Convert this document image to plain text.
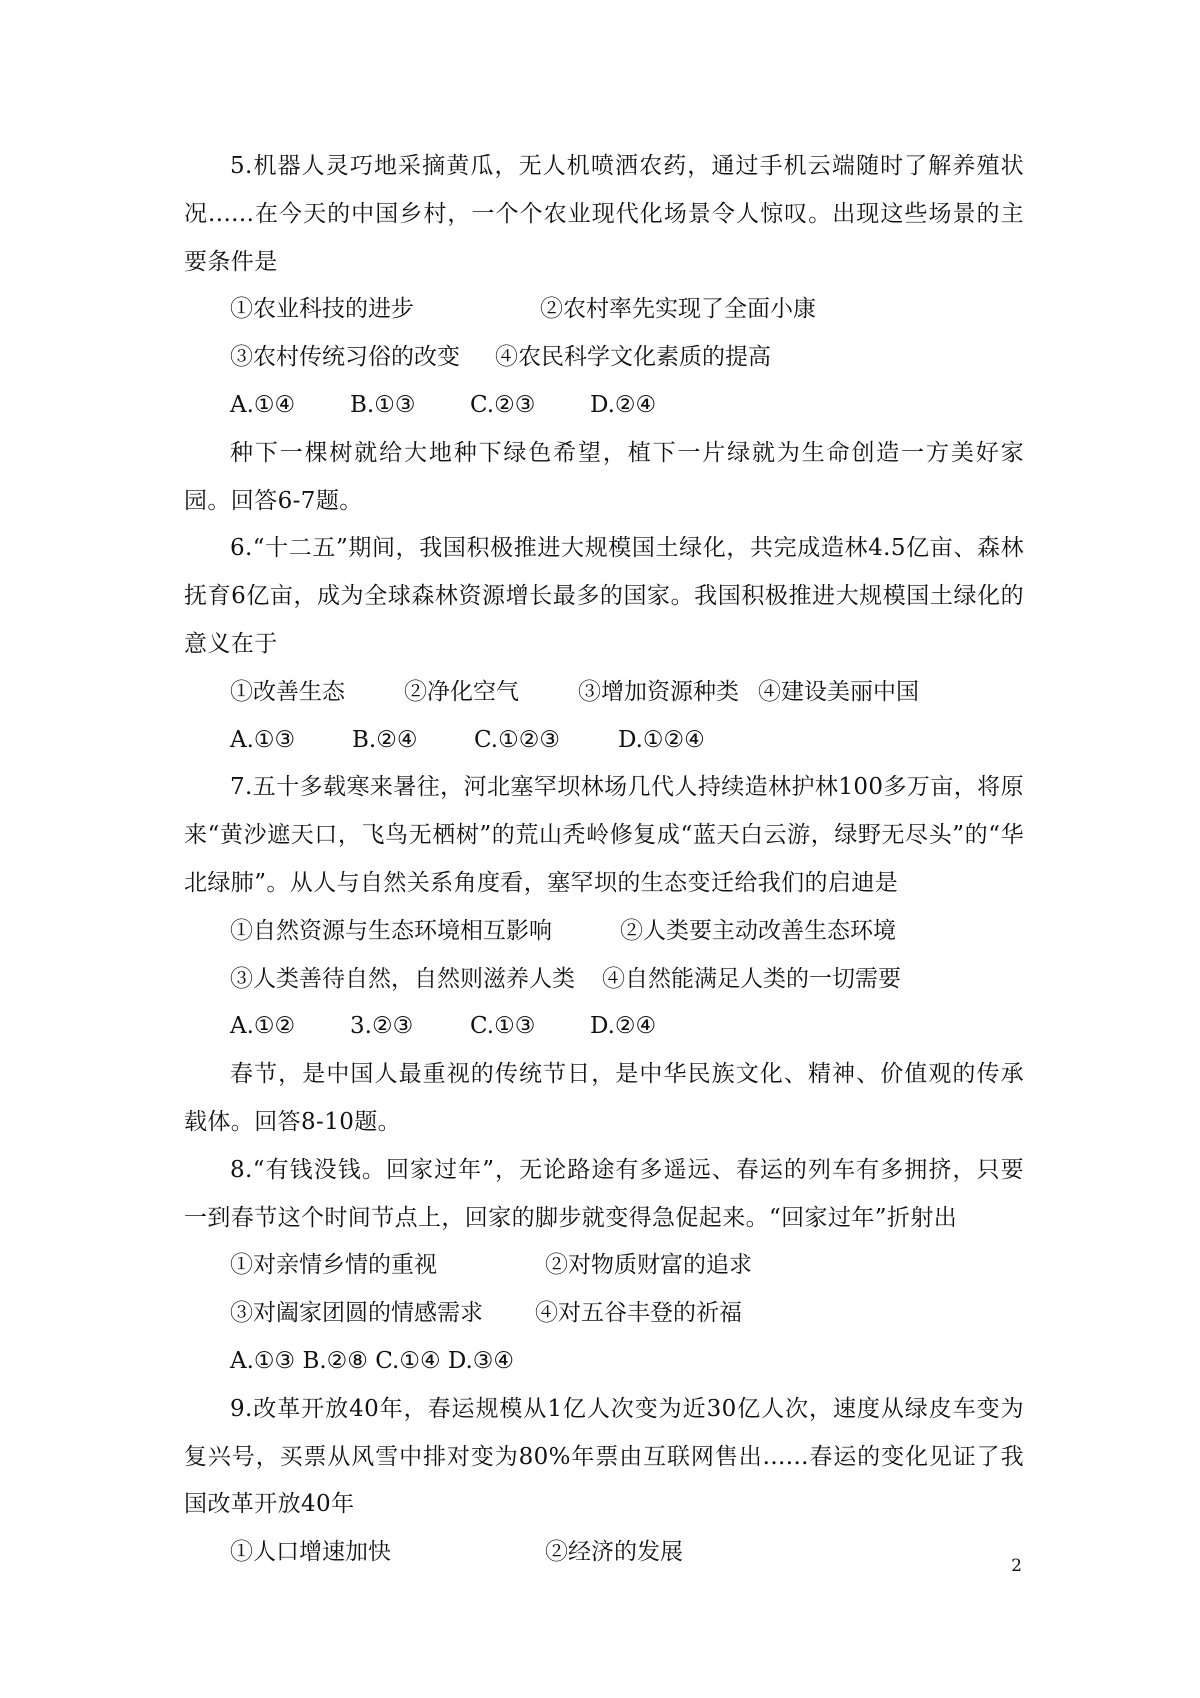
5.机器人灵巧地采摘黄瓜，无人机喷洒农药，通过手机云端随时了解养殖状况......在今天的中国乡村，一个个农业现代化场景令人惊叹。出现这些场景的主要条件是

①农业科技的进步	②农村率先实现了全面小康

③农村传统习俗的改变 ④农民科学文化素质的提高

A.①④ B.①③ C.②③ D.②④

种下一棵树就给大地种下绿色希望，植下一片绿就为生命创造一方美好家园。回答6-7题。

6.“十二五”期间，我国积极推进大规模国土绿化，共完成造林4.5亿亩、森林抚育6亿亩，成为全球森林资源增长最多的国家。我国积极推进大规模国土绿化的意义在于

①改善生态	②净化空气	③增加资源种类 ④建设美丽中国

A.①③ B.②④ C.①②③	D.①②④

7.五十多载寒来暑往，河北塞罕坝林场几代人持续造林护林100多万亩，将原来“黄沙遮天口，飞鸟无栖树”的荒山秃岭修复成“蓝天白云游，绿野无尽头”的“华北绿肺”。从人与自然关系角度看，塞罕坝的生态变迁给我们的启迪是

①自然资源与生态环境相互影响	②人类要主动改善生态环境

③人类善待自然，自然则滋养人类 ④自然能满足人类的一切需要

A.①② 3.②③ C.①③ D.②④

春节，是中国人最重视的传统节日，是中华民族文化、精神、价值观的传承载体。回答8-10题。

8.“有钱没钱。回家过年”，无论路途有多遥远、春运的列车有多拥挤，只要一到春节这个时间节点上，回家的脚步就变得急促起来。“回家过年”折射出

①对亲情乡情的重视	②对物质财富的追求

③对阖家团圆的情感需求 ④对五谷丰登的祈福

A.①③ B.②⑧ C.①④ D.③④

9.改革开放40年，春运规模从1亿人次变为近30亿人次，速度从绿皮车变为复兴号，买票从风雪中排对变为80%年票由互联网售出......春运的变化见证了我国改革开放40年

①人口增速加快	②经济的发展

2
